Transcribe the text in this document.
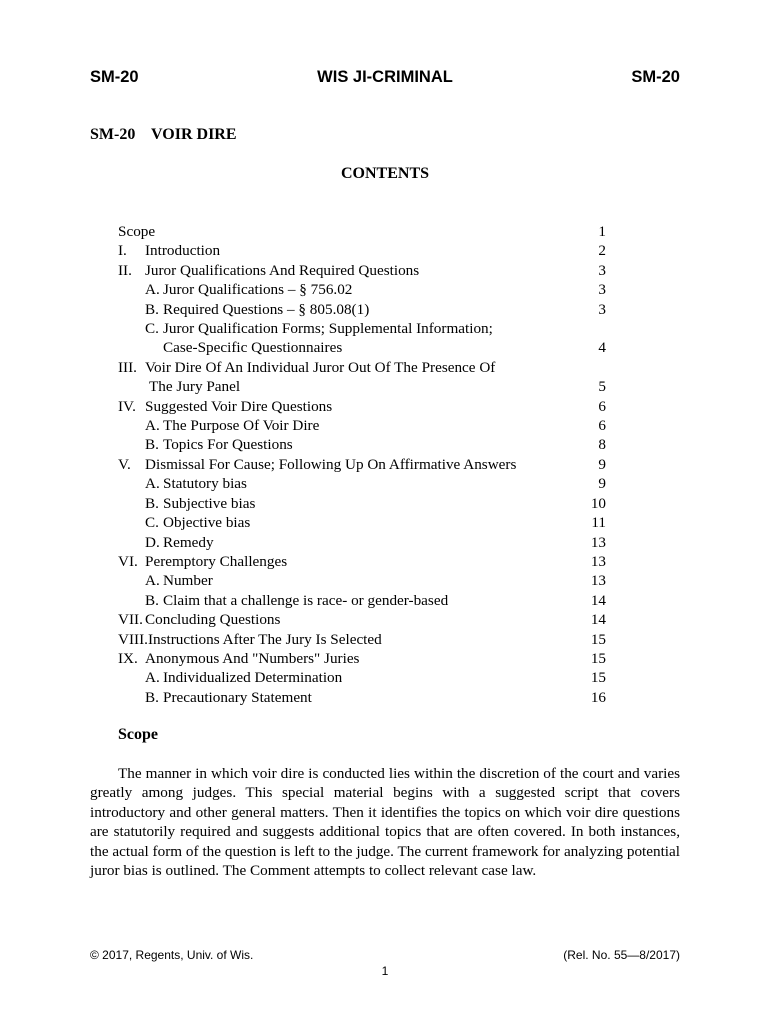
SM-20	WIS JI-CRIMINAL	SM-20
SM-20 VOIR DIRE
CONTENTS
Scope	1
I. Introduction	2
II. Juror Qualifications And Required Questions	3
A. Juror Qualifications – § 756.02	3
B. Required Questions – § 805.08(1)	3
C. Juror Qualification Forms; Supplemental Information;
Case-Specific Questionnaires	4
III. Voir Dire Of An Individual Juror Out Of The Presence Of
The Jury Panel	5
IV. Suggested Voir Dire Questions	6
A. The Purpose Of Voir Dire	6
B. Topics For Questions	8
V. Dismissal For Cause; Following Up On Affirmative Answers	9
A. Statutory bias	9
B. Subjective bias	10
C. Objective bias	11
D. Remedy	13
VI. Peremptory Challenges	13
A. Number	13
B. Claim that a challenge is race- or gender-based	14
VII. Concluding Questions	14
VIII.Instructions After The Jury Is Selected	15
IX. Anonymous And "Numbers" Juries	15
A. Individualized Determination	15
B. Precautionary Statement	16
Scope

The manner in which voir dire is conducted lies within the discretion of the court and varies greatly among judges. This special material begins with a suggested script that covers introductory and other general matters. Then it identifies the topics on which voir dire questions are statutorily required and suggests additional topics that are often covered. In both instances, the actual form of the question is left to the judge. The current framework for analyzing potential juror bias is outlined. The Comment attempts to collect relevant case law.

© 2017, Regents, Univ. of Wis.	(Rel. No. 55—8/2017)
1
